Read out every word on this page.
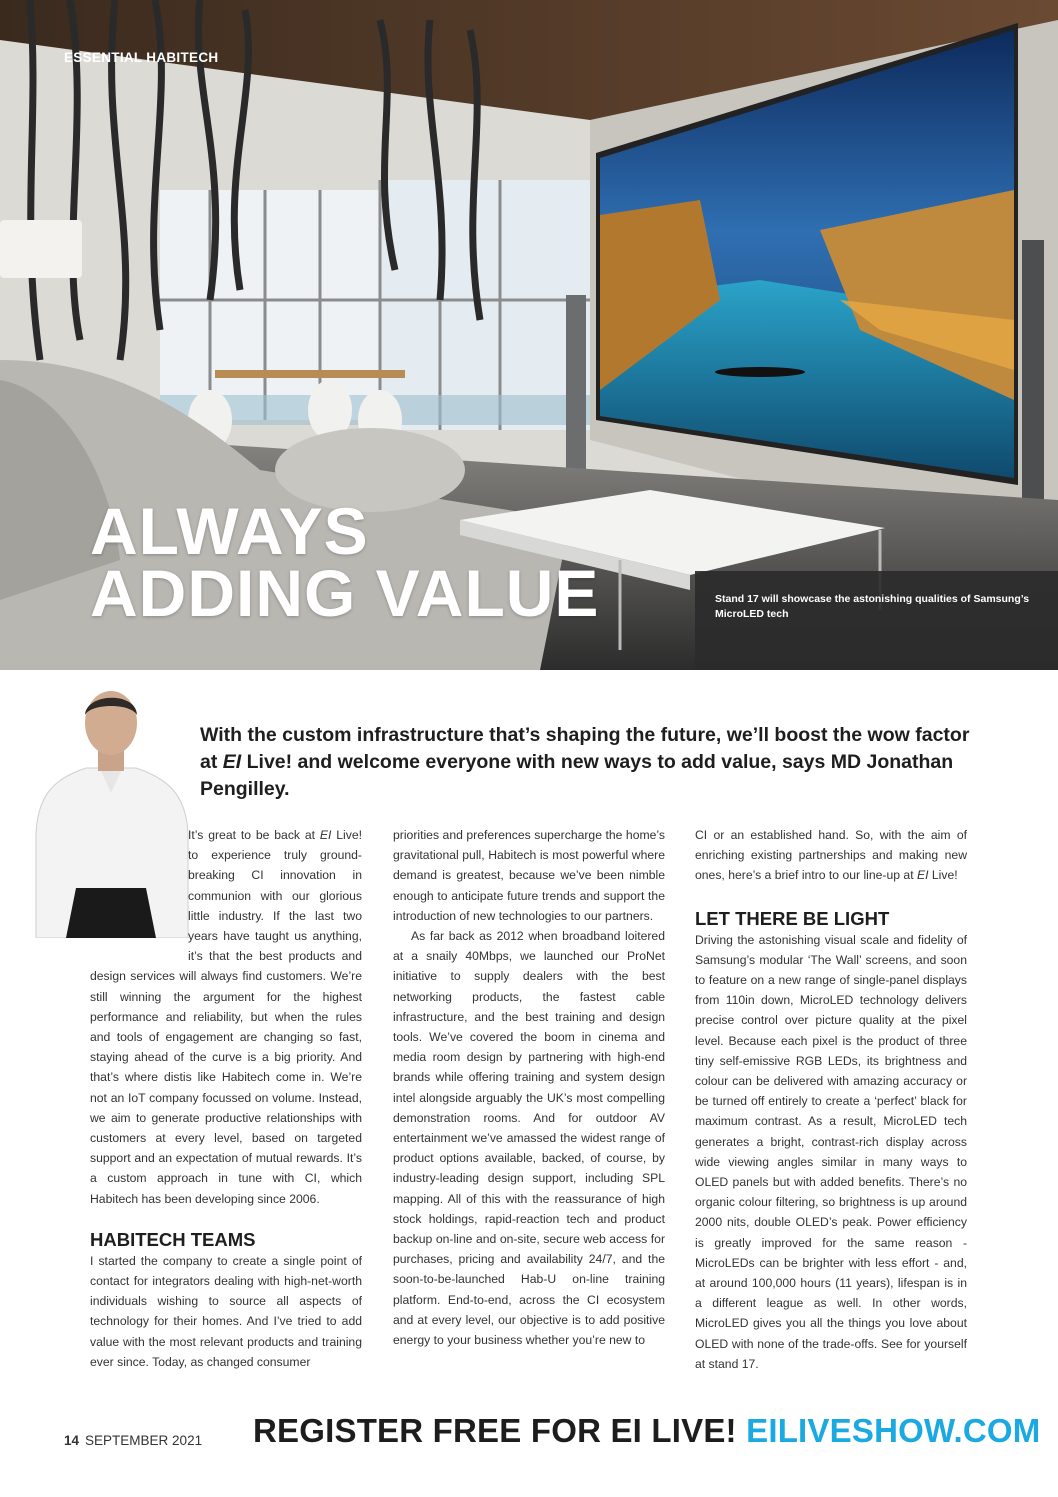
ESSENTIAL HABITECH
ALWAYS
ADDING VALUE	Stand 17 will showcase the astonishing qualities of Samsung’s MicroLED tech
With the custom infrastructure that’s shaping the future, we’ll boost the wow factor at EI Live! and welcome everyone with new ways to add value, says MD Jonathan Pengilley.

It’s great to be back at EI Live! to experience truly ground-breaking CI innovation in communion with our glorious little industry. If the last two years have taught us anything, it’s that the best products and design services will always find customers. We’re still winning the argument for the highest performance and reliability, but when the rules and tools of engagement are changing so fast, staying ahead of the curve is a big priority. And that’s where distis like Habitech come in. We’re not an IoT company focussed on volume. Instead, we aim to generate productive relationships with customers at every level, based on targeted support and an expectation of mutual rewards. It’s a custom approach in tune with CI, which Habitech has been developing since 2006.

HABITECH TEAMS

I started the company to create a single point of contact for integrators dealing with high-net-worth individuals wishing to source all aspects of technology for their homes. And I’ve tried to add value with the most relevant products and training ever since. Today, as changed consumer

priorities and preferences supercharge the home’s gravitational pull, Habitech is most powerful where demand is greatest, because we’ve been nimble enough to anticipate future trends and support the introduction of new technologies to our partners.

As far back as 2012 when broadband loitered at a snaily 40Mbps, we launched our ProNet initiative to supply dealers with the best networking products, the fastest cable infrastructure, and the best training and design tools. We’ve covered the boom in cinema and media room design by partnering with high-end brands while offering training and system design intel alongside arguably the UK’s most compelling demonstration rooms. And for outdoor AV entertainment we’ve amassed the widest range of product options available, backed, of course, by industry-leading design support, including SPL mapping. All of this with the reassurance of high stock holdings, rapid-reaction tech and product backup on-line and on-site, secure web access for purchases, pricing and availability 24/7, and the soon-to-be-launched Hab-U on-line training platform. End-to-end, across the CI ecosystem and at every level, our objective is to add positive energy to your business whether you’re new to

CI or an established hand. So, with the aim of enriching existing partnerships and making new ones, here’s a brief intro to our line-up at EI Live!

LET THERE BE LIGHT

Driving the astonishing visual scale and fidelity of Samsung’s modular ‘The Wall’ screens, and soon to feature on a new range of single-panel displays from 110in down, MicroLED technology delivers precise control over picture quality at the pixel level. Because each pixel is the product of three tiny self-emissive RGB LEDs, its brightness and colour can be delivered with amazing accuracy or be turned off entirely to create a ‘perfect’ black for maximum contrast. As a result, MicroLED tech generates a bright, contrast-rich display across wide viewing angles similar in many ways to OLED panels but with added benefits. There’s no organic colour filtering, so brightness is up around 2000 nits, double OLED’s peak. Power efficiency is greatly improved for the same reason - MicroLEDs can be brighter with less effort - and, at around 100,000 hours (11 years), lifespan is in a different league as well. In other words, MicroLED gives you all the things you love about OLED with none of the trade-offs. See for yourself at stand 17.

14 SEPTEMBER 2021 REGISTER FREE FOR EI LIVE! EILIVESHOW.COM
